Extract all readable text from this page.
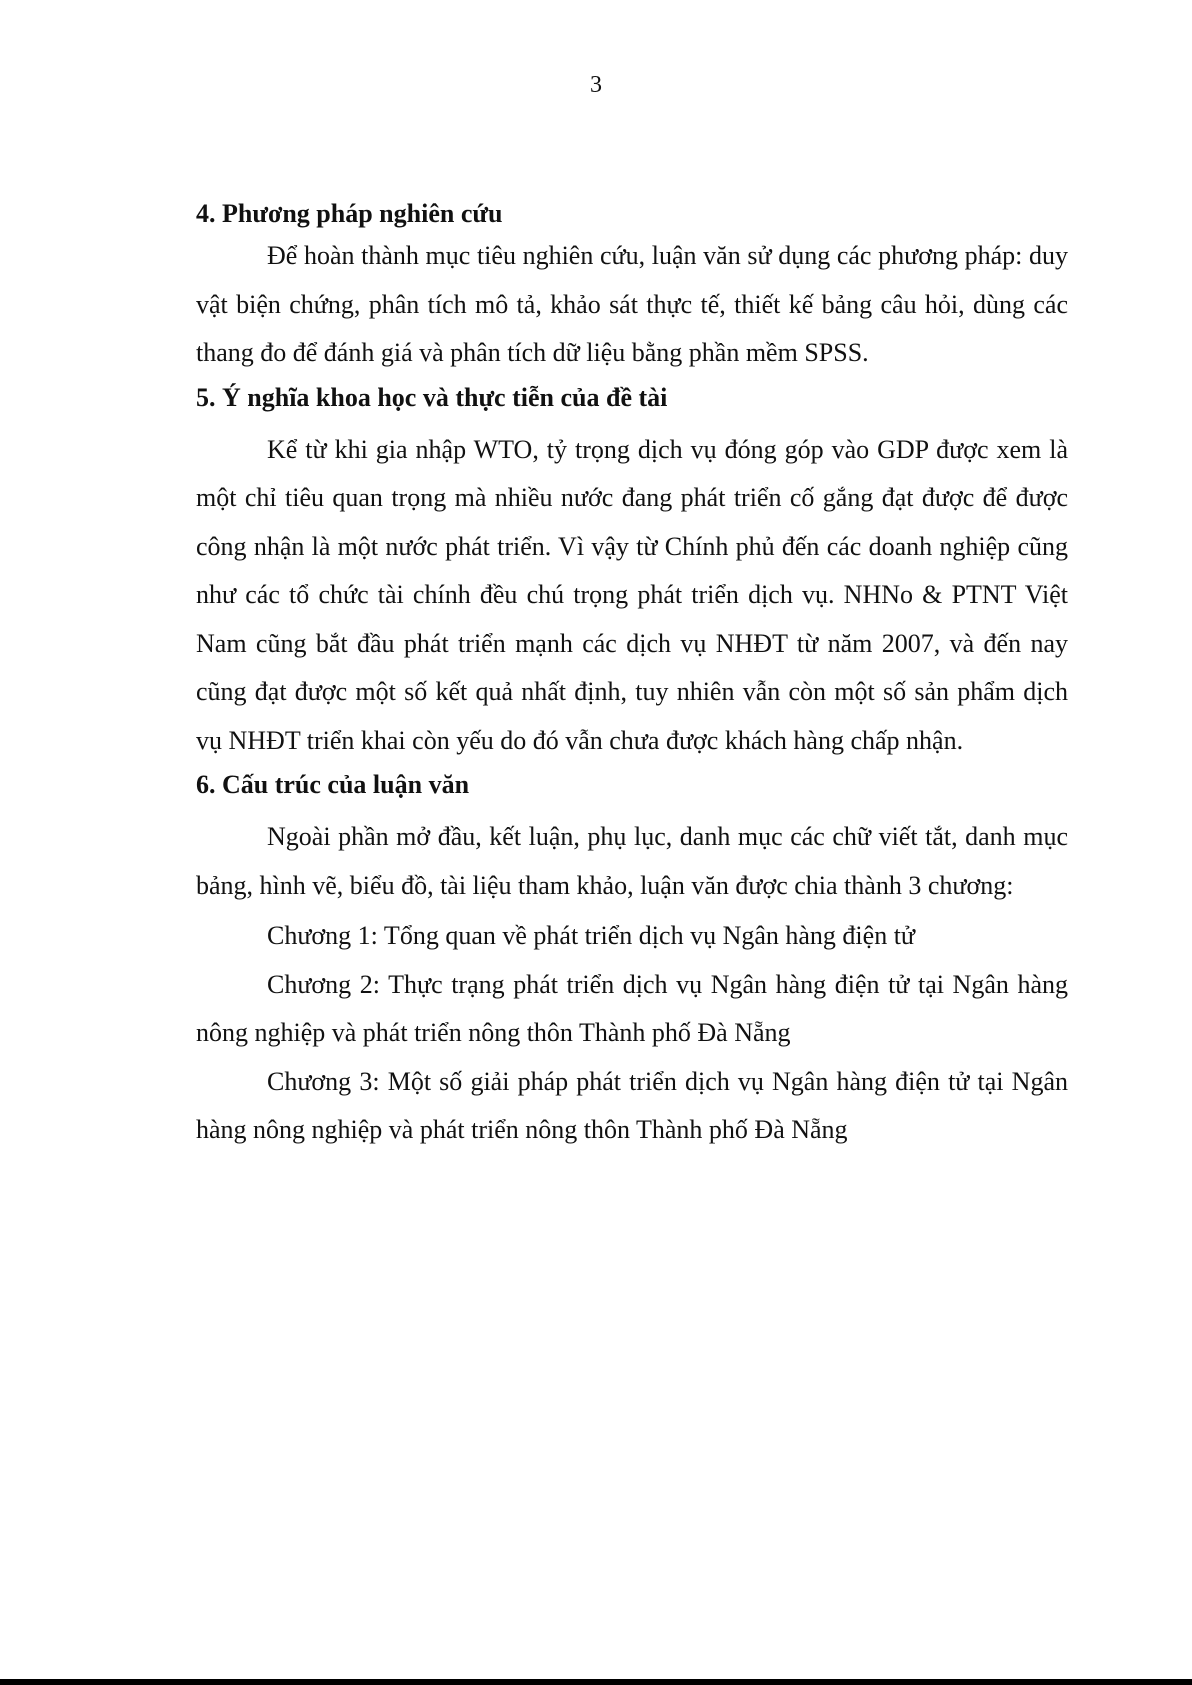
3
4. Phương pháp nghiên cứu

Để hoàn thành mục tiêu nghiên cứu, luận văn sử dụng các phương pháp: duy vật biện chứng, phân tích mô tả, khảo sát thực tế, thiết kế bảng câu hỏi, dùng các thang đo để đánh giá và phân tích dữ liệu bằng phần mềm SPSS.

5. Ý nghĩa khoa học và thực tiễn của đề tài

Kể từ khi gia nhập WTO, tỷ trọng dịch vụ đóng góp vào GDP được xem là một chỉ tiêu quan trọng mà nhiều nước đang phát triển cố gắng đạt được để được công nhận là một nước phát triển. Vì vậy từ Chính phủ đến các doanh nghiệp cũng như các tổ chức tài chính đều chú trọng phát triển dịch vụ. NHNo & PTNT Việt Nam cũng bắt đầu phát triển mạnh các dịch vụ NHĐT từ năm 2007, và đến nay cũng đạt được một số kết quả nhất định, tuy nhiên vẫn còn một số sản phẩm dịch vụ NHĐT triển khai còn yếu do đó vẫn chưa được khách hàng chấp nhận.

6. Cấu trúc của luận văn

Ngoài phần mở đầu, kết luận, phụ lục, danh mục các chữ viết tắt, danh mục bảng, hình vẽ, biểu đồ, tài liệu tham khảo, luận văn được chia thành 3 chương:

Chương 1: Tổng quan về phát triển dịch vụ Ngân hàng điện tử

Chương 2: Thực trạng phát triển dịch vụ Ngân hàng điện tử tại Ngân hàng nông nghiệp và phát triển nông thôn Thành phố Đà Nẵng

Chương 3: Một số giải pháp phát triển dịch vụ Ngân hàng điện tử tại Ngân hàng nông nghiệp và phát triển nông thôn Thành phố Đà Nẵng
